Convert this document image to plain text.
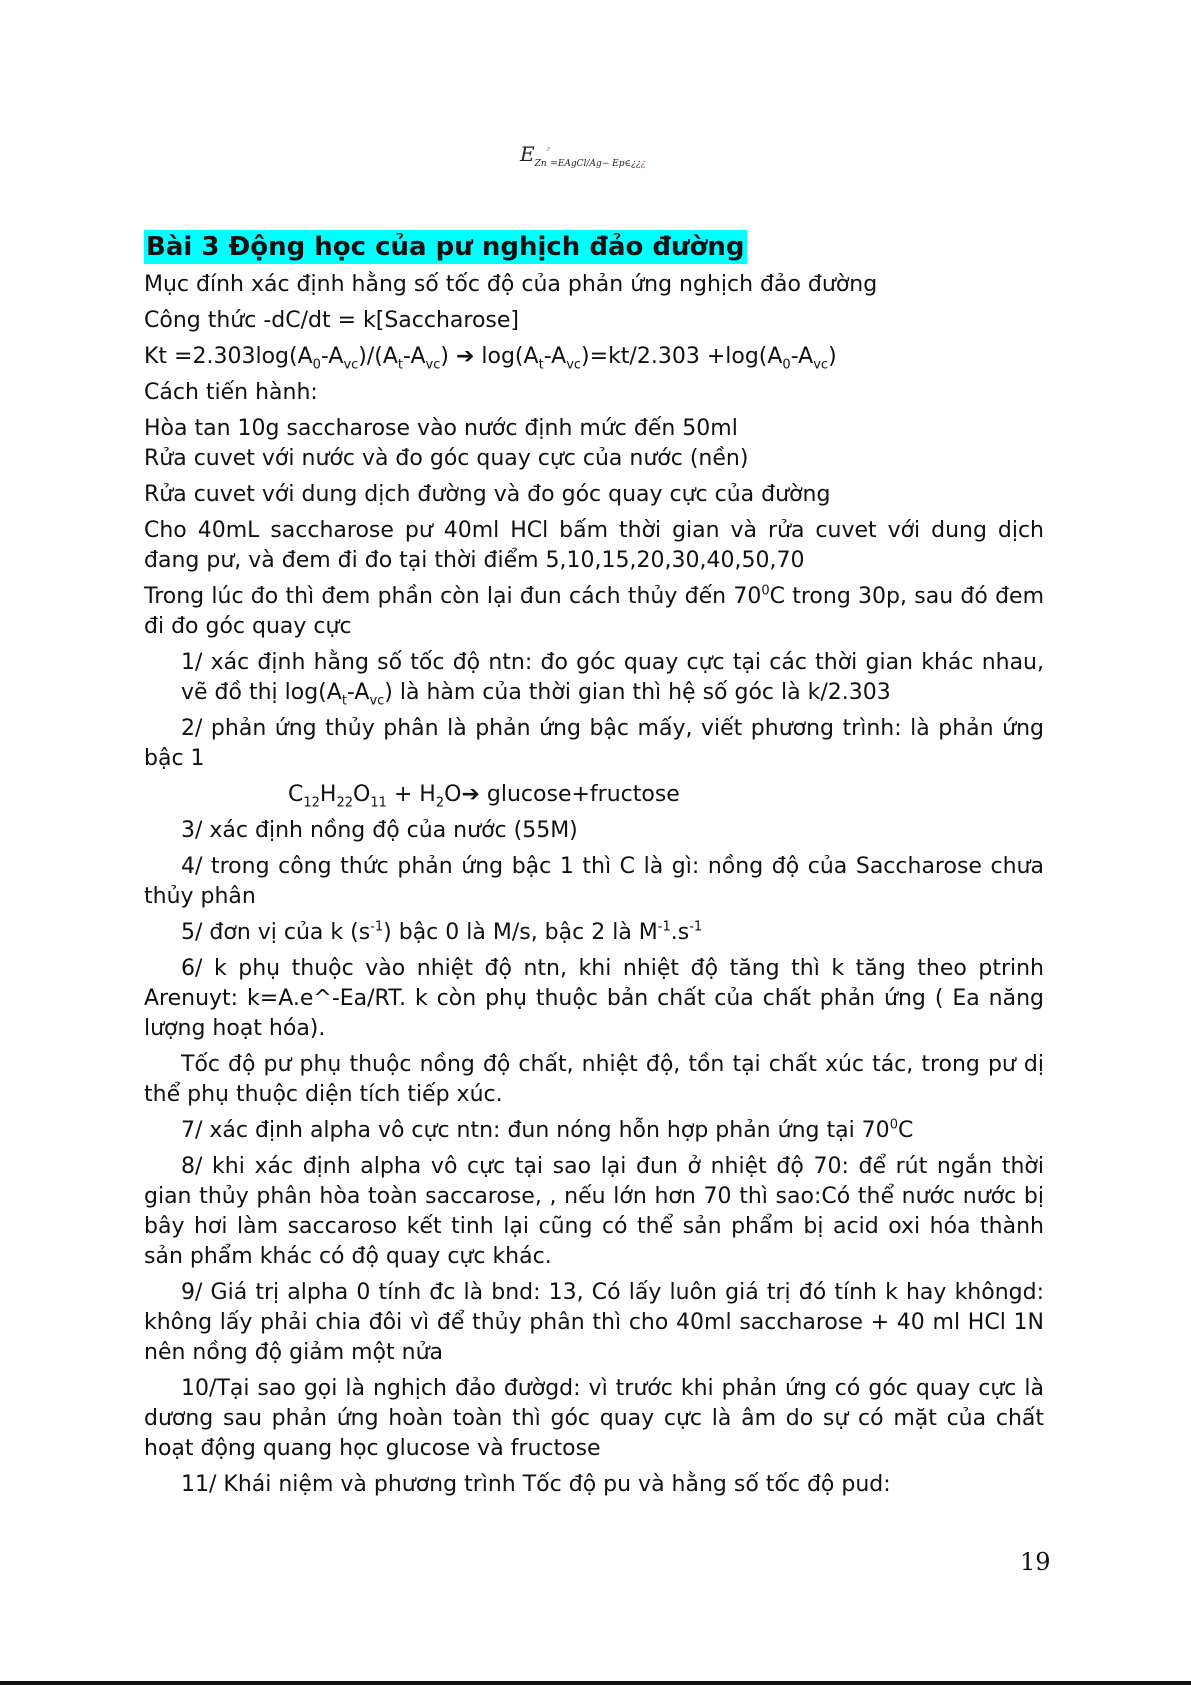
$E_{Zn}^{^2}_{=EAgCl/Ag- Ep\in¿¿¿}$
Bài 3 Động học của pư nghịch đảo đường
Mục đính xác định hằng số tốc độ của phản ứng nghịch đảo đường
Công thức -dC/dt = k[Saccharose]
$Kt =2.303\log(A_0-A_{vc})/(A_t-A_{vc})$ ➔ $\log(A_t-A_{vc})=kt/2.303 +\log(A_0-A_{vc})$
Cách tiến hành:
Hòa tan 10g saccharose vào nước định mức đến 50ml
Rửa cuvet với nước và đo góc quay cực của nước (nền)
Rửa cuvet với dung dịch đường và đo góc quay cực của đường
Cho 40mL saccharose pư 40ml HCl bấm thời gian và rửa cuvet với dung dịch đang pư, và đem đi đo tại thời điểm 5,10,15,20,30,40,50,70
Trong lúc đo thì đem phần còn lại đun cách thủy đến $70^0C$ trong 30p, sau đó đem đi đo góc quay cực
1/ xác định hằng số tốc độ ntn: đo góc quay cực tại các thời gian khác nhau, vẽ đồ thị $\log(A_t-A_{vc})$ là hàm của thời gian thì hệ số góc là k/2.303
2/ phản ứng thủy phân là phản ứng bậc mấy, viết phương trình: là phản ứng bậc 1
$C_{12}H_{22}O_{11}$ + $H_2O➔$ glucose+fructose
3/ xác định nồng độ của nước (55M)
4/ trong công thức phản ứng bậc 1 thì C là gì: nồng độ của Saccharose chưa thủy phân
5/ đơn vị của k $(s^{-1})$ bậc 0 là M/s, bậc 2 là $M^{-1}.s^{-1}$
6/ k phụ thuộc vào nhiệt độ ntn, khi nhiệt độ tăng thì k tăng theo ptrinh Arenuyt: k=A.e^-Ea/RT. k còn phụ thuộc bản chất của chất phản ứng ( Ea năng lượng hoạt hóa).
Tốc độ pư phụ thuộc nồng độ chất, nhiệt độ, tồn tại chất xúc tác, trong pư dị thể phụ thuộc diện tích tiếp xúc.
7/ xác định alpha vô cực ntn: đun nóng hỗn hợp phản ứng tại $70^0C$
8/ khi xác định alpha vô cực tại sao lại đun ở nhiệt độ 70: để rút ngắn thời gian thủy phân hòa toàn saccarose, , nếu lớn hơn 70 thì sao:Có thể nước nước bị bây hơi làm saccaroso kết tinh lại cũng có thể sản phẩm bị acid oxi hóa thành sản phẩm khác có độ quay cực khác.
9/ Giá trị alpha 0 tính đc là bnd: 13, Có lấy luôn giá trị đó tính k hay khôngd: không lấy phải chia đôi vì để thủy phân thì cho 40ml saccharose + 40 ml HCl 1N nên nồng độ giảm một nửa
10/Tại sao gọi là nghịch đảo đườgd: vì trước khi phản ứng có góc quay cực là dương sau phản ứng hoàn toàn thì góc quay cực là âm do sự có mặt của chất hoạt động quang học glucose và fructose
11/ Khái niệm và phương trình Tốc độ pu và hằng số tốc độ pud:
19
